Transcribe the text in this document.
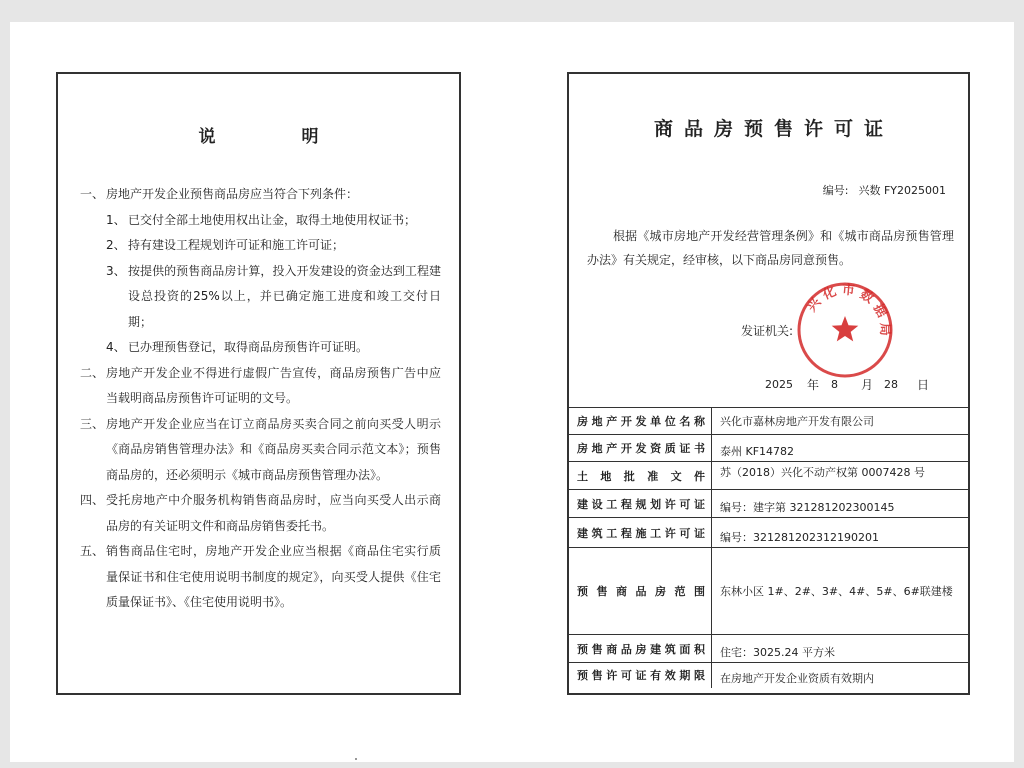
说 明
一、 房地产开发企业预售商品房应当符合下列条件：
1、 已交付全部土地使用权出让金，取得土地使用权证书；
2、 持有建设工程规划许可证和施工许可证；
3、 按提供的预售商品房计算，投入开发建设的资金达到工程建设总投资的25%以上，并已确定施工进度和竣工交付日期；
4、 已办理预售登记，取得商品房预售许可证明。
二、 房地产开发企业不得进行虚假广告宣传，商品房预售广告中应当载明商品房预售许可证明的文号。
三、 房地产开发企业应当在订立商品房买卖合同之前向买受人明示《商品房销售管理办法》和《商品房买卖合同示范文本》；预售商品房的，还必须明示《城市商品房预售管理办法》。
四、 受托房地产中介服务机构销售商品房时，应当向买受人出示商品房的有关证明文件和商品房销售委托书。
五、 销售商品住宅时，房地产开发企业应当根据《商品住宅实行质量保证书和住宅使用说明书制度的规定》，向买受人提供《住宅质量保证书》、《住宅使用说明书》。
商品房预售许可证
编号: 兴数 FY2025001
根据《城市房地产开发经营管理条例》和《城市商品房预售管理办法》有关规定，经审核，以下商品房同意预售。
发证机关:
兴 化 市 数 据 局
2025 年 8 月 28 日
房地产开发单位名称	兴化市嘉林房地产开发有限公司
房地产开发资质证书	泰州 KF14782
土地批准文件	苏（2018）兴化不动产权第 0007428 号
建设工程规划许可证	编号：建字第 321281202300145
建筑工程施工许可证	编号：321281202312190201
预售商品房范围	东林小区 1#、2#、3#、4#、5#、6#联建楼
预售商品房建筑面积	住宅：3025.24 平方米
预售许可证有效期限	在房地产开发企业资质有效期内
